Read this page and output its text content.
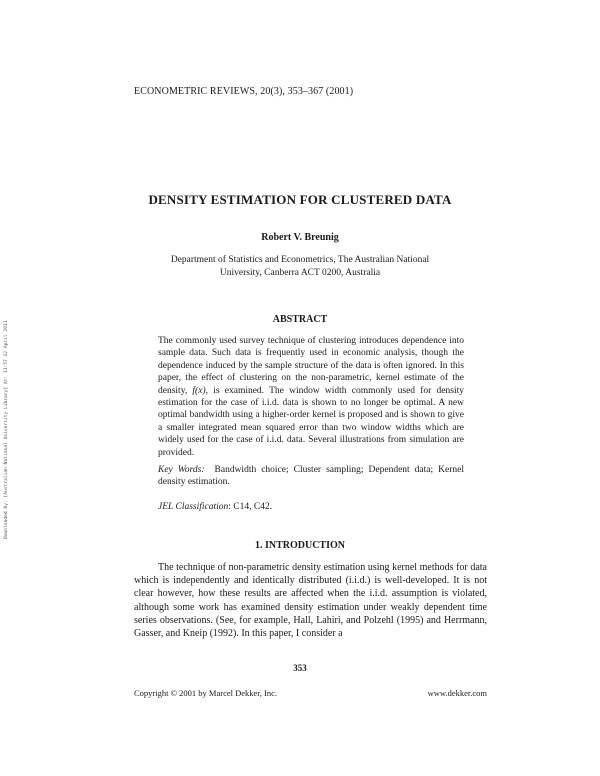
Downloaded By: [Australian National University Library] At: 11:57 12 April 2011
ECONOMETRIC REVIEWS, 20(3), 353–367 (2001)
DENSITY ESTIMATION FOR CLUSTERED DATA
Robert V. Breunig
Department of Statistics and Econometrics, The Australian National
University, Canberra ACT 0200, Australia
ABSTRACT
The commonly used survey technique of clustering introduces dependence into sample data. Such data is frequently used in economic analysis, though the dependence induced by the sample structure of the data is often ignored. In this paper, the effect of clustering on the non-parametric, kernel estimate of the density, f(x), is examined. The window width commonly used for density estimation for the case of i.i.d. data is shown to no longer be optimal. A new optimal bandwidth using a higher-order kernel is proposed and is shown to give a smaller integrated mean squared error than two window widths which are widely used for the case of i.i.d. data. Several illustrations from simulation are provided.
Key Words: Bandwidth choice; Cluster sampling; Dependent data; Kernel density estimation.
JEL Classification: C14, C42.
1. INTRODUCTION
The technique of non-parametric density estimation using kernel methods for data which is independently and identically distributed (i.i.d.) is well-developed. It is not clear however, how these results are affected when the i.i.d. assumption is violated, although some work has examined density estimation under weakly dependent time series observations. (See, for example, Hall, Lahiri, and Polzehl (1995) and Herrmann, Gasser, and Kneip (1992). In this paper, I consider a
353
Copyright © 2001 by Marcel Dekker, Inc.	www.dekker.com
